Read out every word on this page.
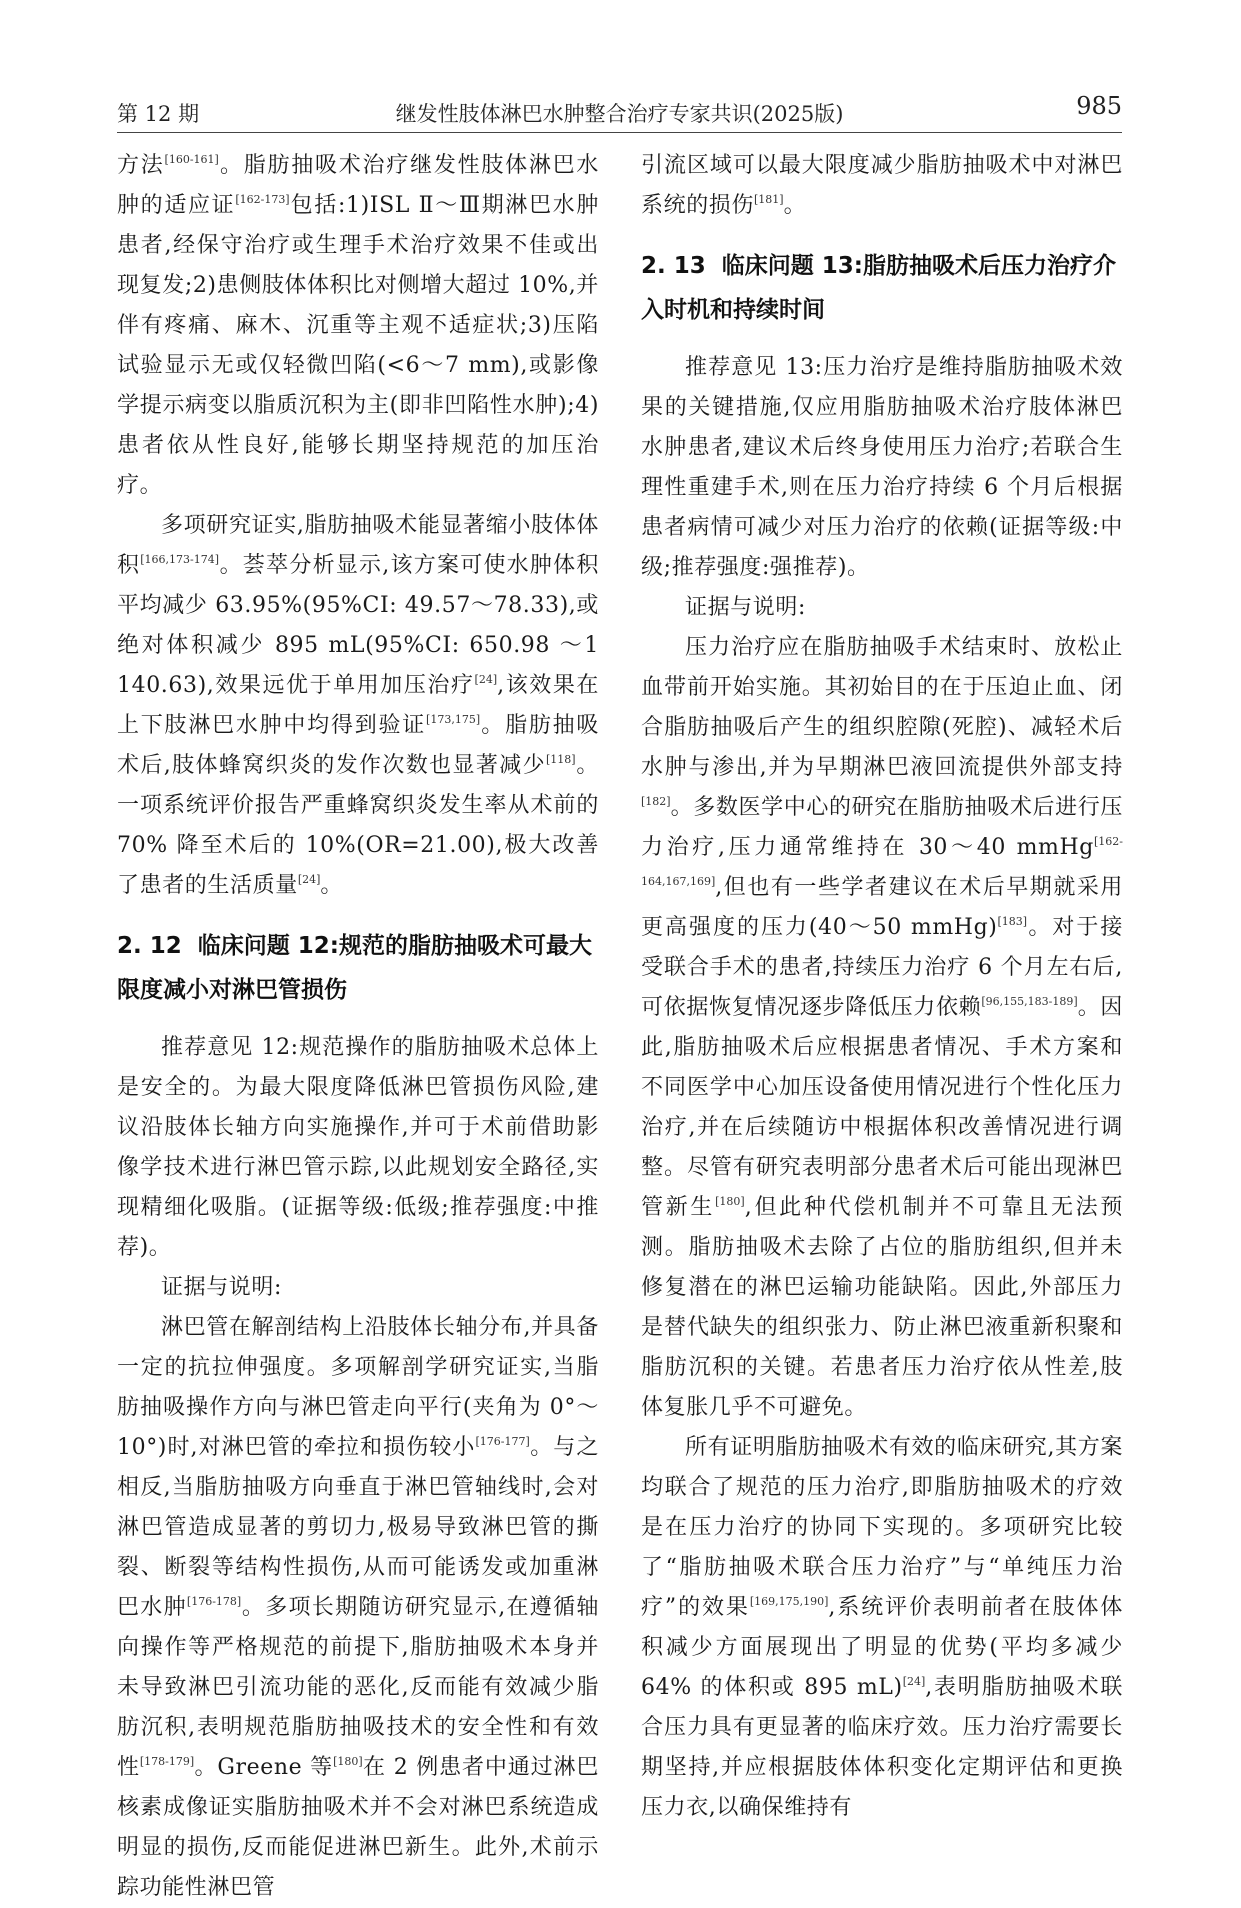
第 12 期	继发性肢体淋巴水肿整合治疗专家共识(2025版)	985

方法[160-161]。脂肪抽吸术治疗继发性肢体淋巴水肿的适应证[162-173]包括:1)ISL Ⅱ～Ⅲ期淋巴水肿患者,经保守治疗或生理手术治疗效果不佳或出现复发;2)患侧肢体体积比对侧增大超过 10%,并伴有疼痛、麻木、沉重等主观不适症状;3)压陷试验显示无或仅轻微凹陷(<6～7 mm),或影像学提示病变以脂质沉积为主(即非凹陷性水肿);4)患者依从性良好,能够长期坚持规范的加压治疗。

多项研究证实,脂肪抽吸术能显著缩小肢体体积[166,173-174]。荟萃分析显示,该方案可使水肿体积平均减少 63.95%(95%CI: 49.57～78.33),或绝对体积减少 895 mL(95%CI: 650.98 ～1 140.63),效果远优于单用加压治疗[24],该效果在上下肢淋巴水肿中均得到验证[173,175]。脂肪抽吸术后,肢体蜂窝织炎的发作次数也显著减少[118]。一项系统评价报告严重蜂窝织炎发生率从术前的 70% 降至术后的 10%(OR=21.00),极大改善了患者的生活质量[24]。

2. 12 临床问题 12:规范的脂肪抽吸术可最大限度减小对淋巴管损伤

推荐意见 12:规范操作的脂肪抽吸术总体上是安全的。为最大限度降低淋巴管损伤风险,建议沿肢体长轴方向实施操作,并可于术前借助影像学技术进行淋巴管示踪,以此规划安全路径,实现精细化吸脂。(证据等级:低级;推荐强度:中推荐)。

证据与说明:

淋巴管在解剖结构上沿肢体长轴分布,并具备一定的抗拉伸强度。多项解剖学研究证实,当脂肪抽吸操作方向与淋巴管走向平行(夹角为 0°～10°)时,对淋巴管的牵拉和损伤较小[176-177]。与之相反,当脂肪抽吸方向垂直于淋巴管轴线时,会对淋巴管造成显著的剪切力,极易导致淋巴管的撕裂、断裂等结构性损伤,从而可能诱发或加重淋巴水肿[176-178]。多项长期随访研究显示,在遵循轴向操作等严格规范的前提下,脂肪抽吸术本身并未导致淋巴引流功能的恶化,反而能有效减少脂肪沉积,表明规范脂肪抽吸技术的安全性和有效性[178-179]。Greene 等[180]在 2 例患者中通过淋巴核素成像证实脂肪抽吸术并不会对淋巴系统造成明显的损伤,反而能促进淋巴新生。此外,术前示踪功能性淋巴管

引流区域可以最大限度减少脂肪抽吸术中对淋巴系统的损伤[181]。

2. 13 临床问题 13:脂肪抽吸术后压力治疗介入时机和持续时间

推荐意见 13:压力治疗是维持脂肪抽吸术效果的关键措施,仅应用脂肪抽吸术治疗肢体淋巴水肿患者,建议术后终身使用压力治疗;若联合生理性重建手术,则在压力治疗持续 6 个月后根据患者病情可减少对压力治疗的依赖(证据等级:中级;推荐强度:强推荐)。

证据与说明:

压力治疗应在脂肪抽吸手术结束时、放松止血带前开始实施。其初始目的在于压迫止血、闭合脂肪抽吸后产生的组织腔隙(死腔)、减轻术后水肿与渗出,并为早期淋巴液回流提供外部支持[182]。多数医学中心的研究在脂肪抽吸术后进行压力治疗,压力通常维持在 30～40 mmHg[162-164,167,169],但也有一些学者建议在术后早期就采用更高强度的压力(40～50 mmHg)[183]。对于接受联合手术的患者,持续压力治疗 6 个月左右后,可依据恢复情况逐步降低压力依赖[96,155,183-189]。因此,脂肪抽吸术后应根据患者情况、手术方案和不同医学中心加压设备使用情况进行个性化压力治疗,并在后续随访中根据体积改善情况进行调整。尽管有研究表明部分患者术后可能出现淋巴管新生[180],但此种代偿机制并不可靠且无法预测。脂肪抽吸术去除了占位的脂肪组织,但并未修复潜在的淋巴运输功能缺陷。因此,外部压力是替代缺失的组织张力、防止淋巴液重新积聚和脂肪沉积的关键。若患者压力治疗依从性差,肢体复胀几乎不可避免。

所有证明脂肪抽吸术有效的临床研究,其方案均联合了规范的压力治疗,即脂肪抽吸术的疗效是在压力治疗的协同下实现的。多项研究比较了“脂肪抽吸术联合压力治疗”与“单纯压力治疗”的效果[169,175,190],系统评价表明前者在肢体体积减少方面展现出了明显的优势(平均多减少 64% 的体积或 895 mL)[24],表明脂肪抽吸术联合压力具有更显著的临床疗效。压力治疗需要长期坚持,并应根据肢体体积变化定期评估和更换压力衣,以确保维持有
